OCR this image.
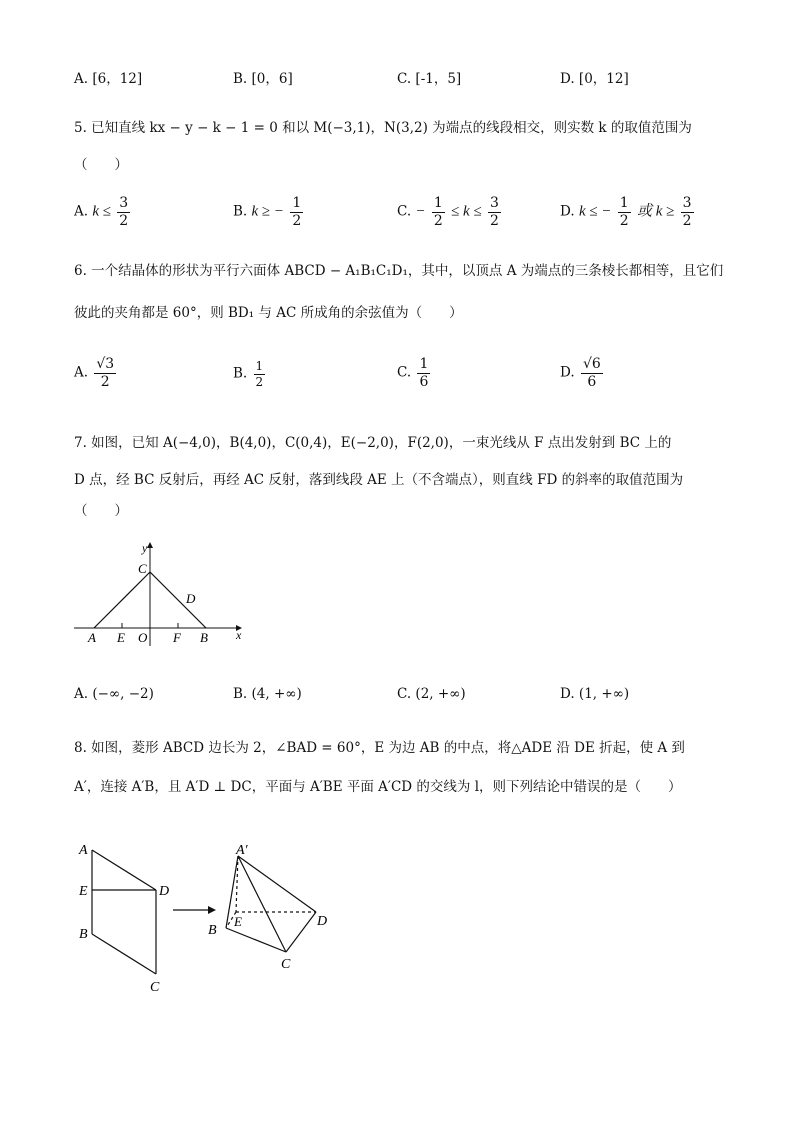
A. [6，12]	B. [0，6]	C. [-1，5]	D. [0，12]
5. 已知直线 kx − y − k − 1 = 0 和以 M(−3,1)，N(3,2) 为端点的线段相交，则实数 k 的取值范围为
（　　）
A. $k \le \frac{3}{2}$	B. k ≥ − $\frac{1}{2}$	C. − $\frac{1}{2} \le k \le \frac{3}{2}$	D. k ≤ − $\frac{1}{2}$ 或 $k \ge \frac{3}{2}$
6. 一个结晶体的形状为平行六面体 ABCD − A₁B₁C₁D₁，其中，以顶点 A 为端点的三条棱长都相等，且它们
彼此的夹角都是 60°，则 BD₁ 与 AC 所成角的余弦值为（　　）
A. $\frac{√3}{2}$	B. $\frac{1}{2}$	C. $\frac{1}{6}$	D. $\frac{√6}{6}$
7. 如图，已知 A(−4,0)，B(4,0)，C(0,4)，E(−2,0)，F(2,0)，一束光线从 F 点出发射到 BC 上的
D 点，经 BC 反射后，再经 AC 反射，落到线段 AE 上（不含端点），则直线 FD 的斜率的取值范围为
（　　）
y
x
C
D
A E O F B
A. (−∞, −2)	B. (4, +∞)	C. (2, +∞)	D. (1, +∞)
8. 如图，菱形 ABCD 边长为 2，∠BAD = 60°，E 为边 AB 的中点，将△ADE 沿 DE 折起，使 A 到
A′，连接 A′B，且 A′D ⊥ DC，平面与 A′BE 平面 A′CD 的交线为 l，则下列结论中错误的是（　　）
A
E	D
B
C
A′
E	D
B
C
